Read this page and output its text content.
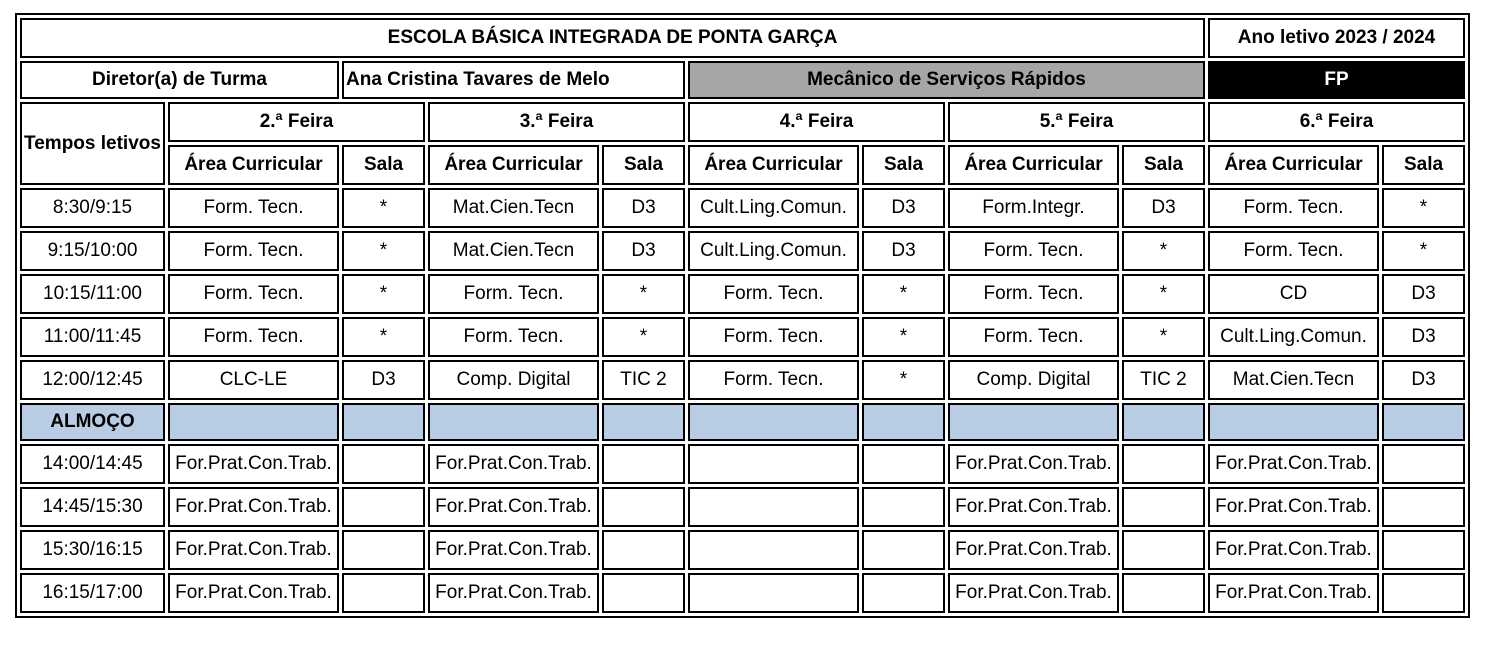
ESCOLA BÁSICA INTEGRADA DE PONTA GARÇA									Ano letivo 2023 / 2024	
Diretor(a) de Turma		Ana Cristina Tavares de Melo			Mecânico de Serviços Rápidos				FP	
Tempos letivos	2.ª Feira		3.ª Feira		4.ª Feira		5.ª Feira		6.ª Feira	
	Área Curricular	Sala	Área Curricular	Sala	Área Curricular	Sala	Área Curricular	Sala	Área Curricular	Sala
8:30/9:15	Form. Tecn.	*	Mat.Cien.Tecn	D3	Cult.Ling.Comun.	D3	Form.Integr.	D3	Form. Tecn.	*
9:15/10:00	Form. Tecn.	*	Mat.Cien.Tecn	D3	Cult.Ling.Comun.	D3	Form. Tecn.	*	Form. Tecn.	*
10:15/11:00	Form. Tecn.	*	Form. Tecn.	*	Form. Tecn.	*	Form. Tecn.	*	CD	D3
11:00/11:45	Form. Tecn.	*	Form. Tecn.	*	Form. Tecn.	*	Form. Tecn.	*	Cult.Ling.Comun.	D3
12:00/12:45	CLC-LE	D3	Comp. Digital	TIC 2	Form. Tecn.	*	Comp. Digital	TIC 2	Mat.Cien.Tecn	D3
ALMOÇO										
14:00/14:45	For.Prat.Con.Trab.		For.Prat.Con.Trab.				For.Prat.Con.Trab.		For.Prat.Con.Trab.	
14:45/15:30	For.Prat.Con.Trab.		For.Prat.Con.Trab.				For.Prat.Con.Trab.		For.Prat.Con.Trab.	
15:30/16:15	For.Prat.Con.Trab.		For.Prat.Con.Trab.				For.Prat.Con.Trab.		For.Prat.Con.Trab.	
16:15/17:00	For.Prat.Con.Trab.		For.Prat.Con.Trab.				For.Prat.Con.Trab.		For.Prat.Con.Trab.	
